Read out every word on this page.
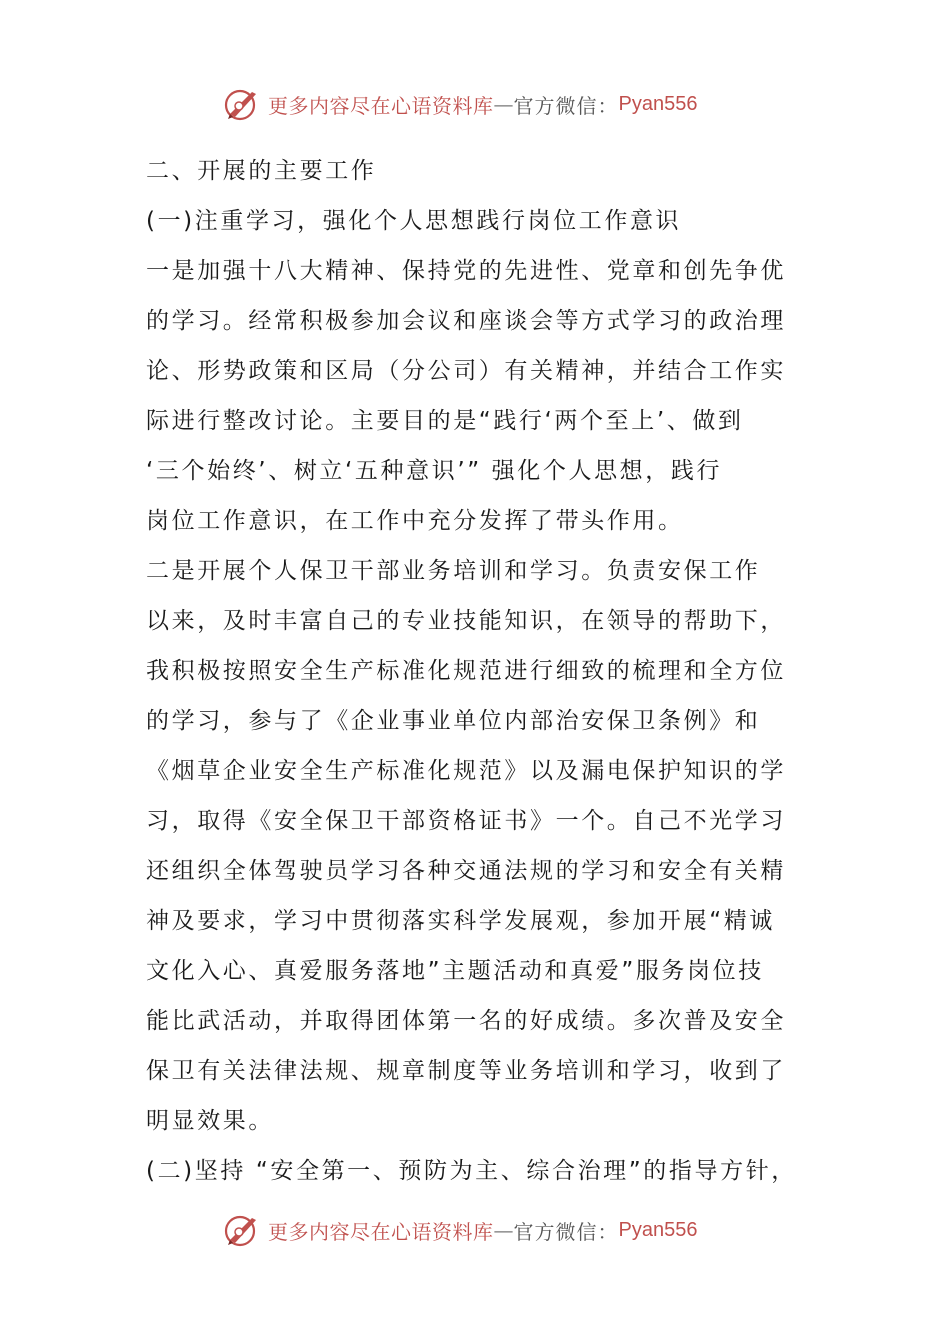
更多内容尽在心语资料库 — 官方微信： Pyan556
二、开展的主要工作
(一)注重学习，强化个人思想践行岗位工作意识
一是加强十八大精神、保持党的先进性、党章和创先争优
的学习。经常积极参加会议和座谈会等方式学习的政治理
论、形势政策和区局（分公司）有关精神，并结合工作实
际进行整改讨论。主要目的是“践行‘两个至上’、做到
‘三个始终’、树立‘五种意识’” 强化个人思想，践行
岗位工作意识，在工作中充分发挥了带头作用。
二是开展个人保卫干部业务培训和学习。负责安保工作
以来，及时丰富自己的专业技能知识，在领导的帮助下，
我积极按照安全生产标准化规范进行细致的梳理和全方位
的学习，参与了《企业事业单位内部治安保卫条例》和
《烟草企业安全生产标准化规范》以及漏电保护知识的学
习，取得《安全保卫干部资格证书》一个。自己不光学习
还组织全体驾驶员学习各种交通法规的学习和安全有关精
神及要求，学习中贯彻落实科学发展观，参加开展“精诚
文化入心、真爱服务落地”主题活动和真爱”服务岗位技
能比武活动，并取得团体第一名的好成绩。多次普及安全
保卫有关法律法规、规章制度等业务培训和学习，收到了
明显效果。
(二)坚持 “安全第一、预防为主、综合治理”的指导方针，
更多内容尽在心语资料库 — 官方微信： Pyan556
